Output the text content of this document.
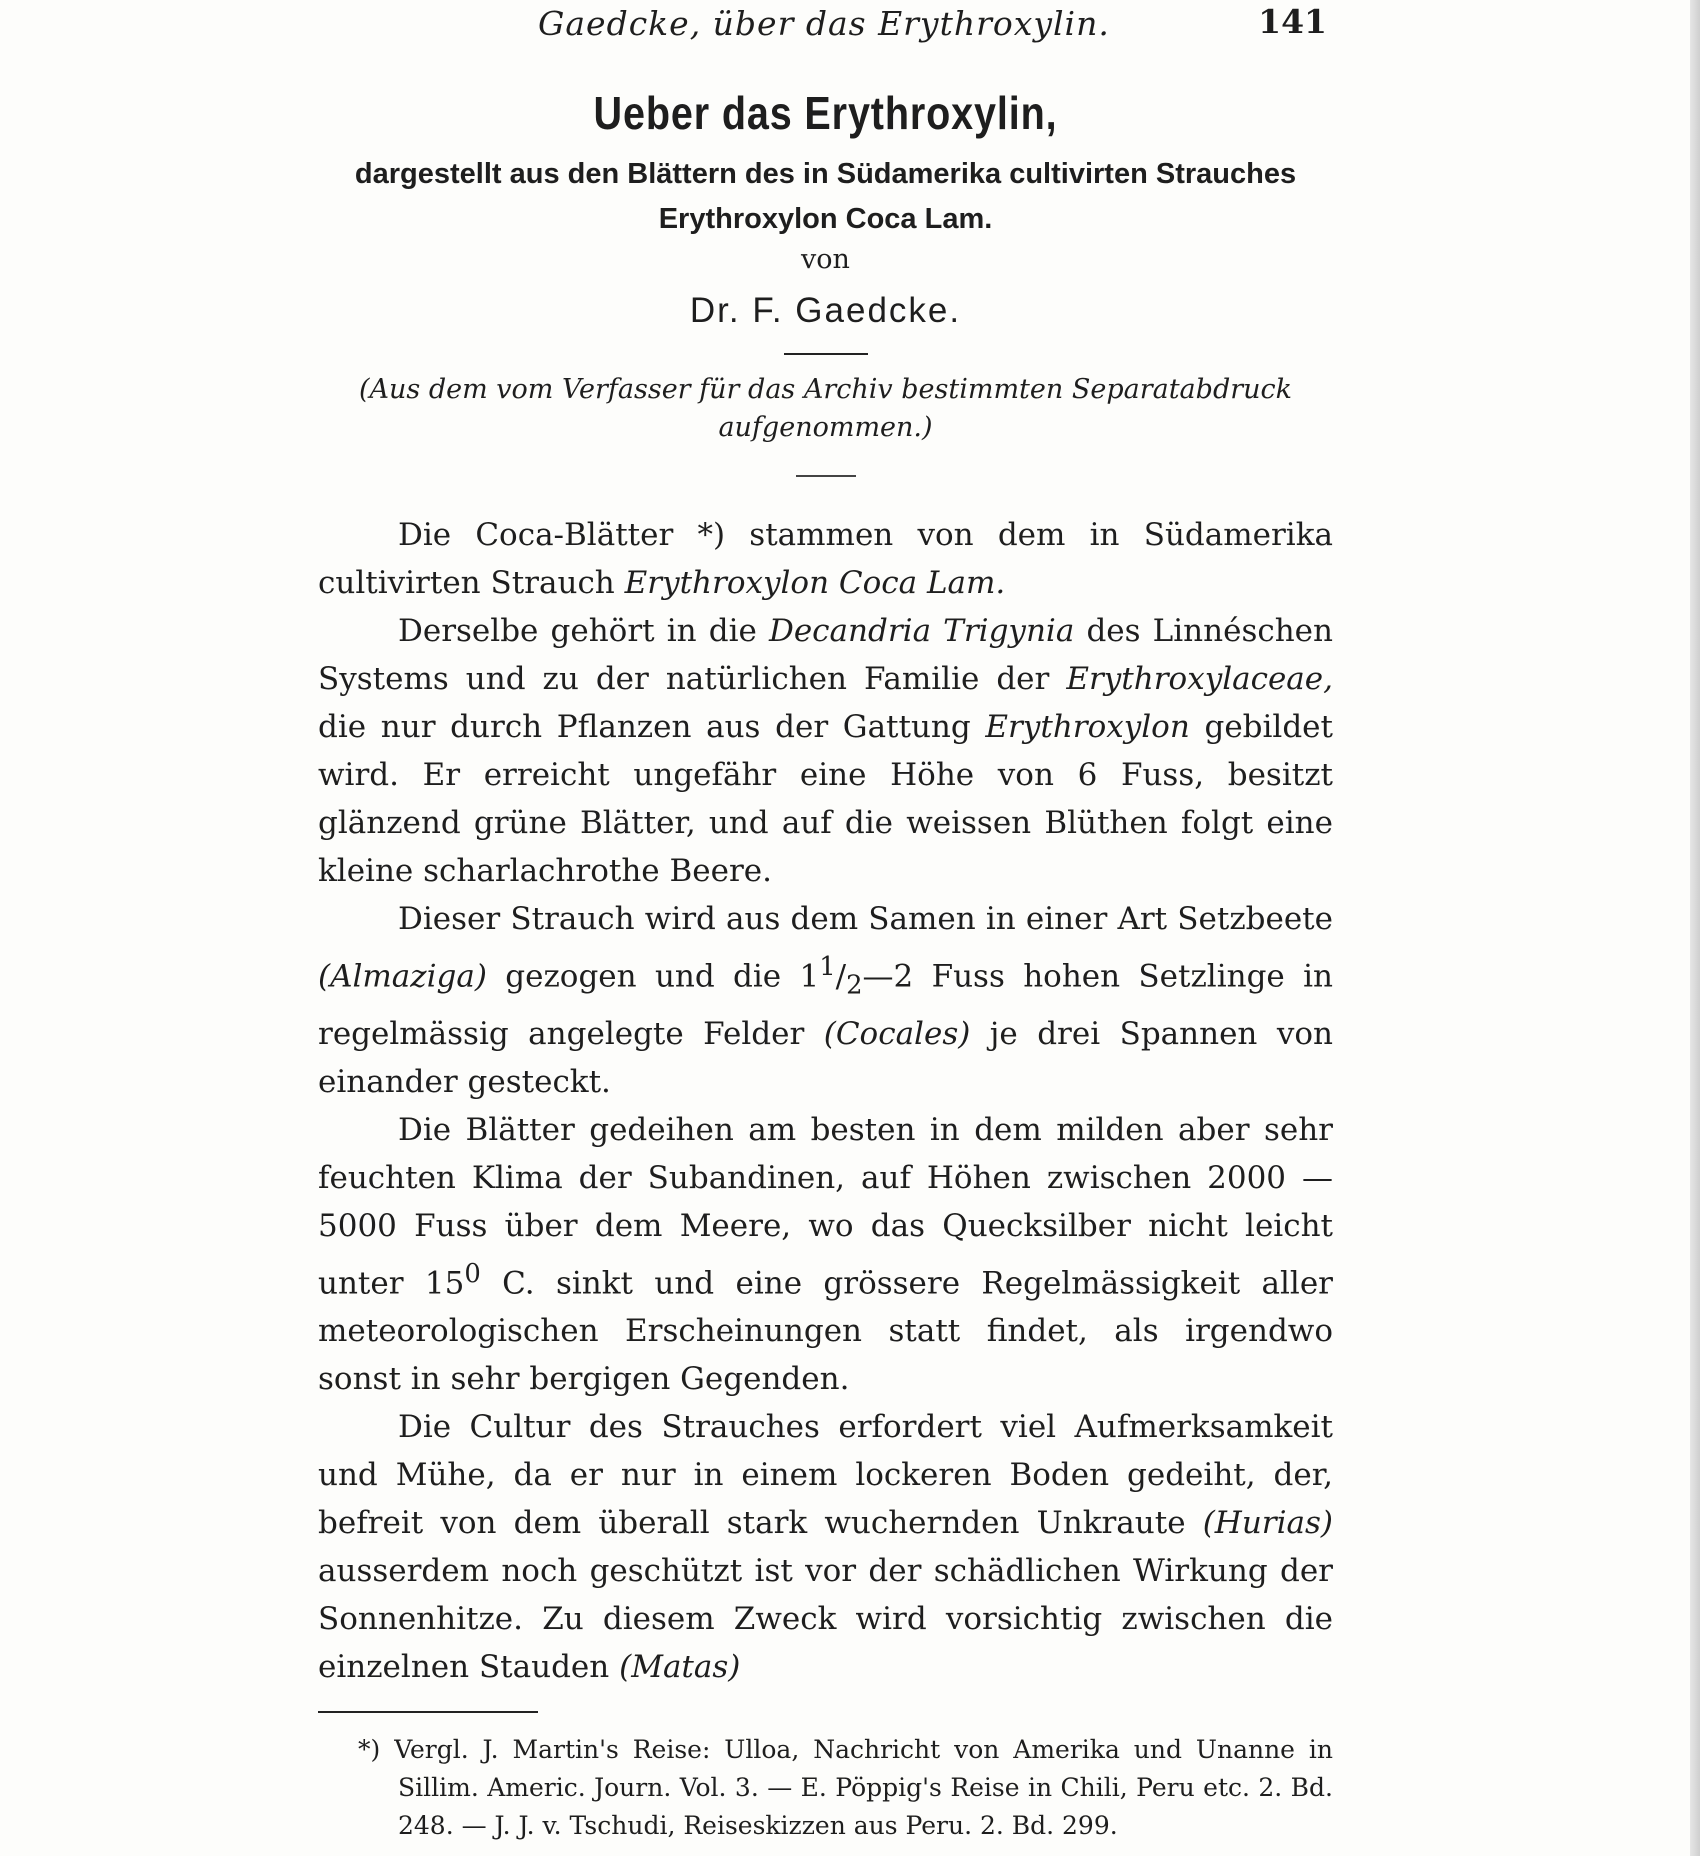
Gaedcke, über das Erythroxylin.	141
Ueber das Erythroxylin,
dargestellt aus den Blättern des in Südamerika cultivirten Strauches Erythroxylon Coca Lam.
von
Dr. F. Gaedcke.
(Aus dem vom Verfasser für das Archiv bestimmten Separatabdruck aufgenommen.)

Die Coca-Blätter *) stammen von dem in Südamerika cultivirten Strauch Erythroxylon Coca Lam.

Derselbe gehört in die Decandria Trigynia des Linnéschen Systems und zu der natürlichen Familie der Erythroxylaceae, die nur durch Pflanzen aus der Gattung Erythroxylon gebildet wird. Er erreicht ungefähr eine Höhe von 6 Fuss, besitzt glänzend grüne Blätter, und auf die weissen Blüthen folgt eine kleine scharlachrothe Beere.

Dieser Strauch wird aus dem Samen in einer Art Setzbeete (Almaziga) gezogen und die $1^1/_2—2$ Fuss hohen Setzlinge in regelmässig angelegte Felder (Cocales) je drei Spannen von einander gesteckt.

Die Blätter gedeihen am besten in dem milden aber sehr feuchten Klima der Subandinen, auf Höhen zwischen 2000 — 5000 Fuss über dem Meere, wo das Quecksilber nicht leicht unter $15^0$ C. sinkt und eine grössere Regelmässigkeit aller meteorologischen Erscheinungen statt findet, als irgendwo sonst in sehr bergigen Gegenden.

Die Cultur des Strauches erfordert viel Aufmerksamkeit und Mühe, da er nur in einem lockeren Boden gedeiht, der, befreit von dem überall stark wuchernden Unkraute (Hurias) ausserdem noch geschützt ist vor der schädlichen Wirkung der Sonnenhitze. Zu diesem Zweck wird vorsichtig zwischen die einzelnen Stauden (Matas)

*) Vergl. J. Martin's Reise: Ulloa, Nachricht von Amerika und Unanne in Sillim. Americ. Journ. Vol. 3. — E. Pöppig's Reise in Chili, Peru etc. 2. Bd. 248. — J. J. v. Tschudi, Reiseskizzen aus Peru. 2. Bd. 299.
